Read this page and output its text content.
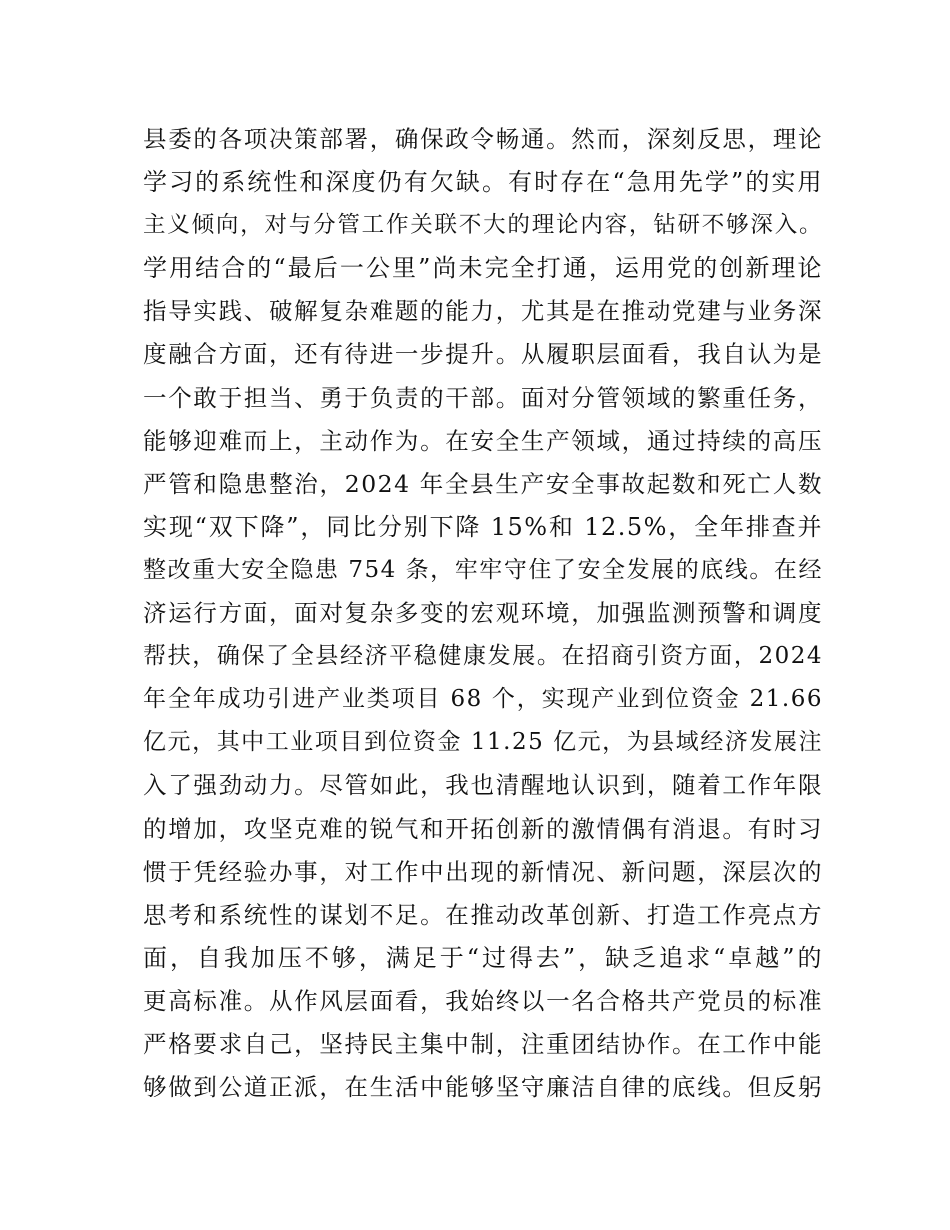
县委的各项决策部署，确保政令畅通。然而，深刻反思，理论
学习的系统性和深度仍有欠缺。有时存在“急用先学”的实用
主义倾向，对与分管工作关联不大的理论内容，钻研不够深入。
学用结合的“最后一公里”尚未完全打通，运用党的创新理论
指导实践、破解复杂难题的能力，尤其是在推动党建与业务深
度融合方面，还有待进一步提升。从履职层面看，我自认为是
一个敢于担当、勇于负责的干部。面对分管领域的繁重任务，
能够迎难而上，主动作为。在安全生产领域，通过持续的高压
严管和隐患整治，2024 年全县生产安全事故起数和死亡人数
实现“双下降”，同比分别下降 15%和 12.5%，全年排查并
整改重大安全隐患 754 条，牢牢守住了安全发展的底线。在经
济运行方面，面对复杂多变的宏观环境，加强监测预警和调度
帮扶，确保了全县经济平稳健康发展。在招商引资方面，2024
年全年成功引进产业类项目 68 个，实现产业到位资金 21.66
亿元，其中工业项目到位资金 11.25 亿元，为县域经济发展注
入了强劲动力。尽管如此，我也清醒地认识到，随着工作年限
的增加，攻坚克难的锐气和开拓创新的激情偶有消退。有时习
惯于凭经验办事，对工作中出现的新情况、新问题，深层次的
思考和系统性的谋划不足。在推动改革创新、打造工作亮点方
面，自我加压不够，满足于“过得去”，缺乏追求“卓越”的
更高标准。从作风层面看，我始终以一名合格共产党员的标准
严格要求自己，坚持民主集中制，注重团结协作。在工作中能
够做到公道正派，在生活中能够坚守廉洁自律的底线。但反躬
